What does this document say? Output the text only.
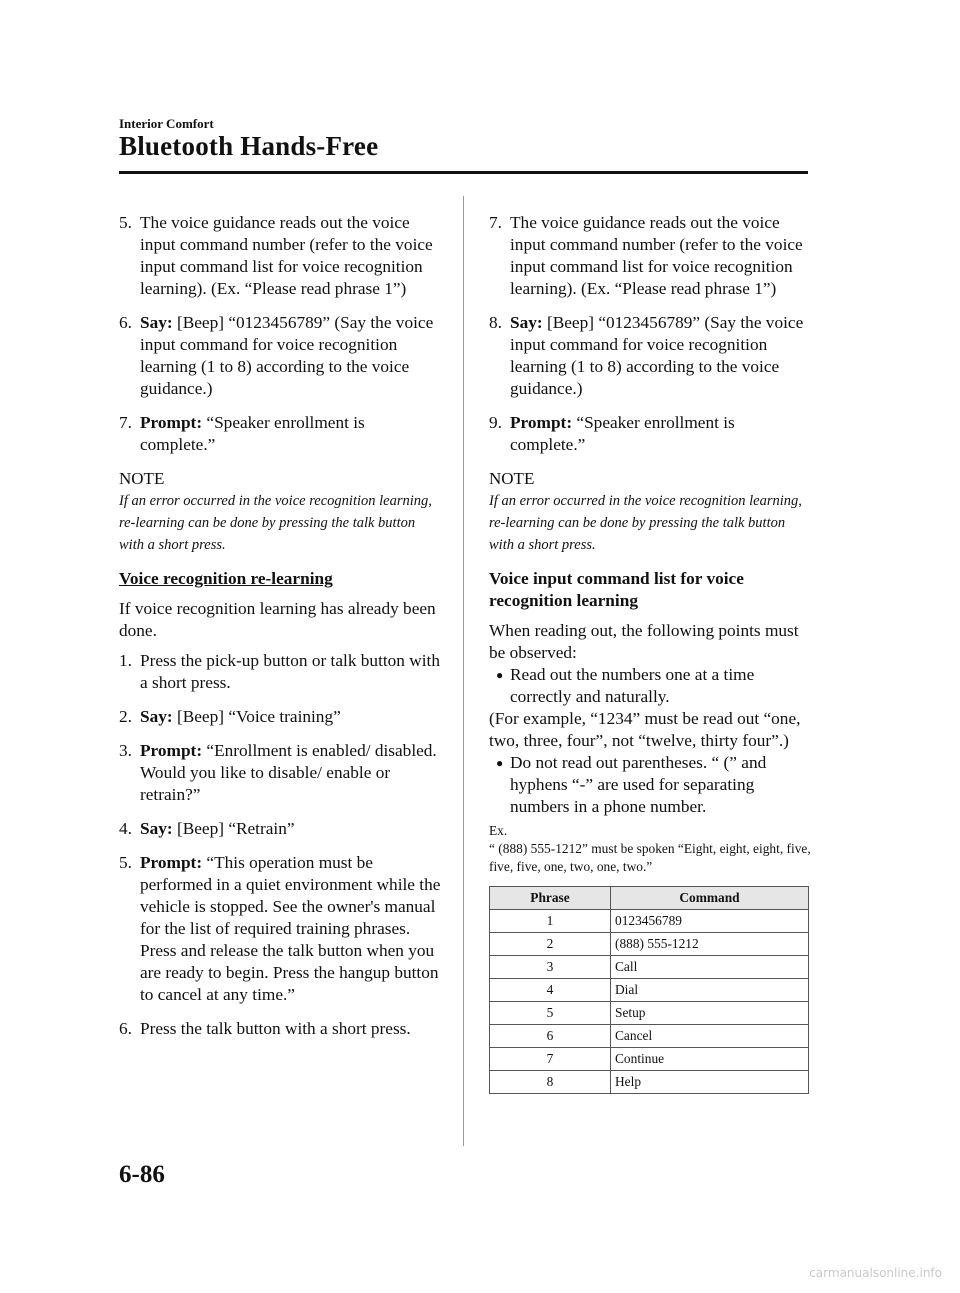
Interior Comfort
Bluetooth Hands-Free
5. The voice guidance reads out the voice input command number (refer to the voice input command list for voice recognition learning). (Ex. “Please read phrase 1”)
6. Say: [Beep] “0123456789” (Say the voice input command for voice recognition learning (1 to 8) according to the voice guidance.)
7. Prompt: “Speaker enrollment is complete.”
NOTE
If an error occurred in the voice recognition learning, re-learning can be done by pressing the talk button with a short press.
Voice recognition re-learning
If voice recognition learning has already been done.
1. Press the pick-up button or talk button with a short press.
2. Say: [Beep] “Voice training”
3. Prompt: “Enrollment is enabled/ disabled. Would you like to disable/ enable or retrain?”
4. Say: [Beep] “Retrain”
5. Prompt: “This operation must be performed in a quiet environment while the vehicle is stopped. See the owner's manual for the list of required training phrases. Press and release the talk button when you are ready to begin. Press the hangup button to cancel at any time.”
6. Press the talk button with a short press.
7. The voice guidance reads out the voice input command number (refer to the voice input command list for voice recognition learning). (Ex. “Please read phrase 1”)
8. Say: [Beep] “0123456789” (Say the voice input command for voice recognition learning (1 to 8) according to the voice guidance.)
9. Prompt: “Speaker enrollment is complete.”
NOTE
If an error occurred in the voice recognition learning, re-learning can be done by pressing the talk button with a short press.
Voice input command list for voice recognition learning
When reading out, the following points must be observed:
● Read out the numbers one at a time correctly and naturally.
(For example, “1234” must be read out “one, two, three, four”, not “twelve, thirty four”.)
● Do not read out parentheses. “ (” and hyphens “-” are used for separating numbers in a phone number.
Ex.
“ (888) 555-1212” must be spoken “Eight, eight, eight, five, five, five, one, two, one, two.”
Phrase	Command
1	0123456789
2	(888) 555-1212
3	Call
4	Dial
5	Setup
6	Cancel
7	Continue
8	Help
6-86
carmanualsonline.info
